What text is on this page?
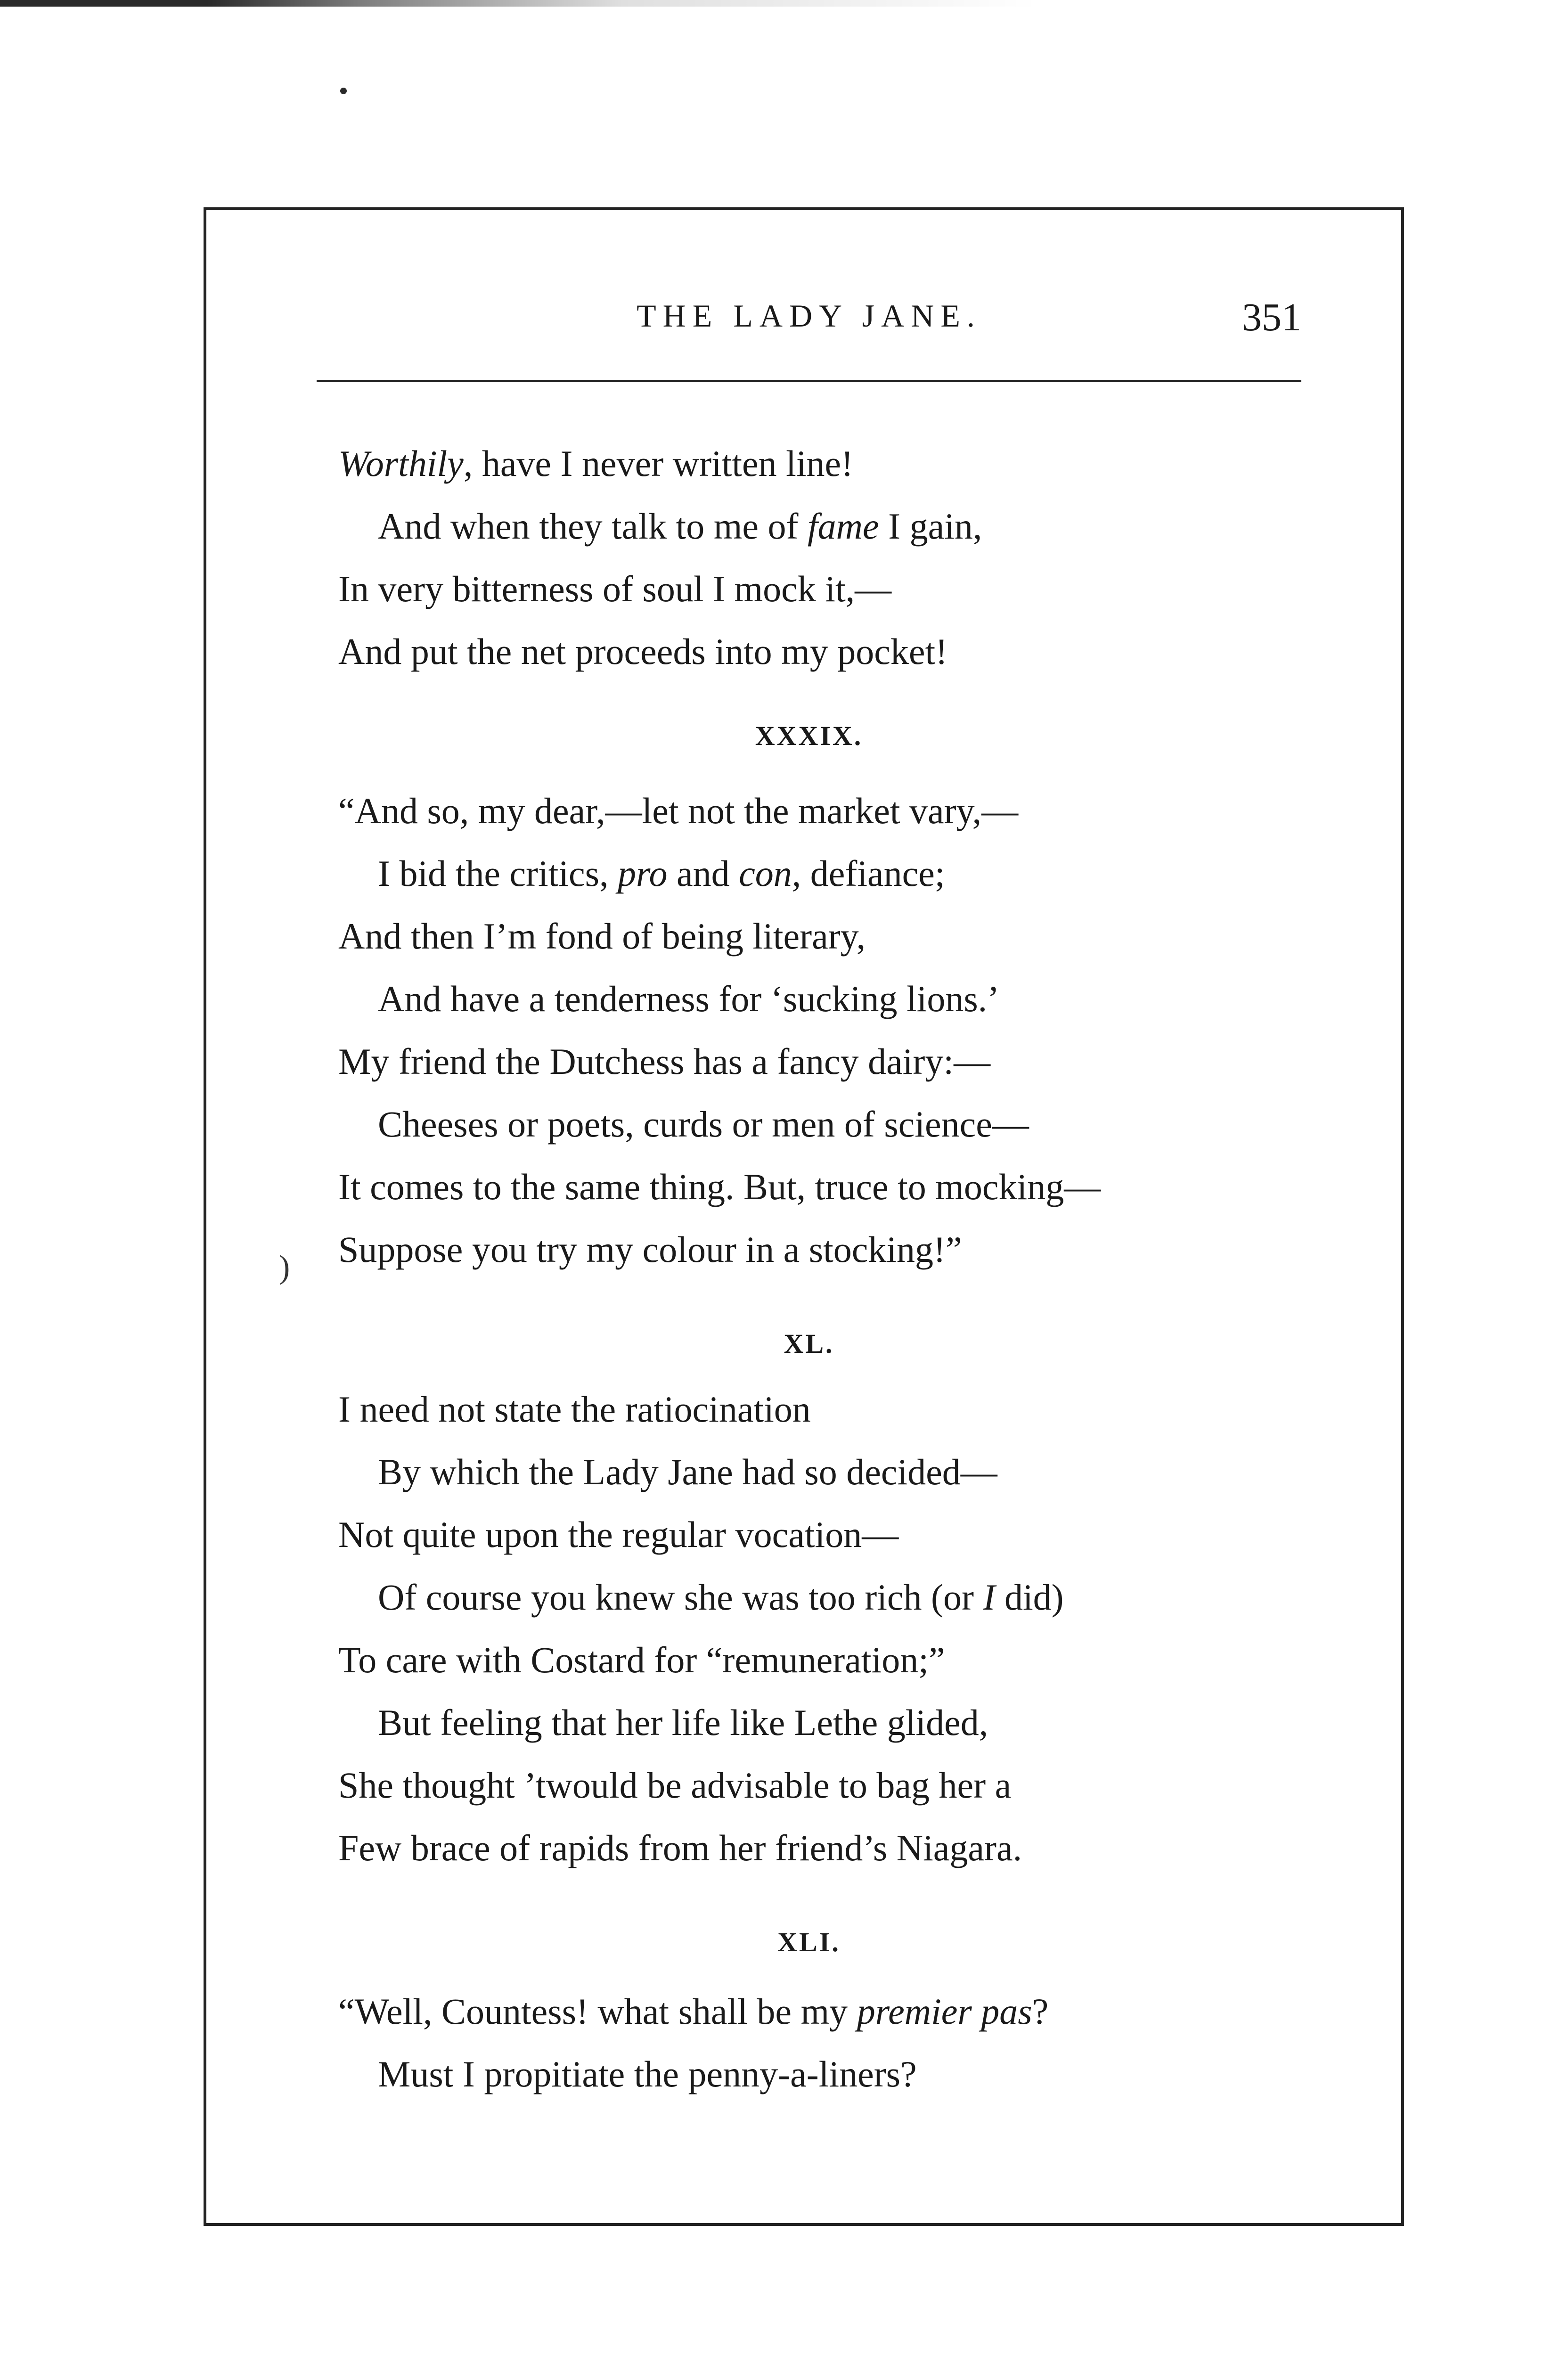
)
THE LADY JANE.	351
Worthily, have I never written line!
And when they talk to me of fame I gain,
In very bitterness of soul I mock it,—
And put the net proceeds into my pocket!
XXXIX.
“And so, my dear,—let not the market vary,—
I bid the critics, pro and con, defiance;
And then I’m fond of being literary,
And have a tenderness for ‘sucking lions.’
My friend the Dutchess has a fancy dairy:—
Cheeses or poets, curds or men of science—
It comes to the same thing. But, truce to mocking—
Suppose you try my colour in a stocking!”
XL.
I need not state the ratiocination
By which the Lady Jane had so decided—
Not quite upon the regular vocation—
Of course you knew she was too rich (or I did)
To care with Costard for “remuneration;”
But feeling that her life like Lethe glided,
She thought ’twould be advisable to bag her a
Few brace of rapids from her friend’s Niagara.
XLI.
“Well, Countess! what shall be my premier pas?
Must I propitiate the penny-a-liners?
